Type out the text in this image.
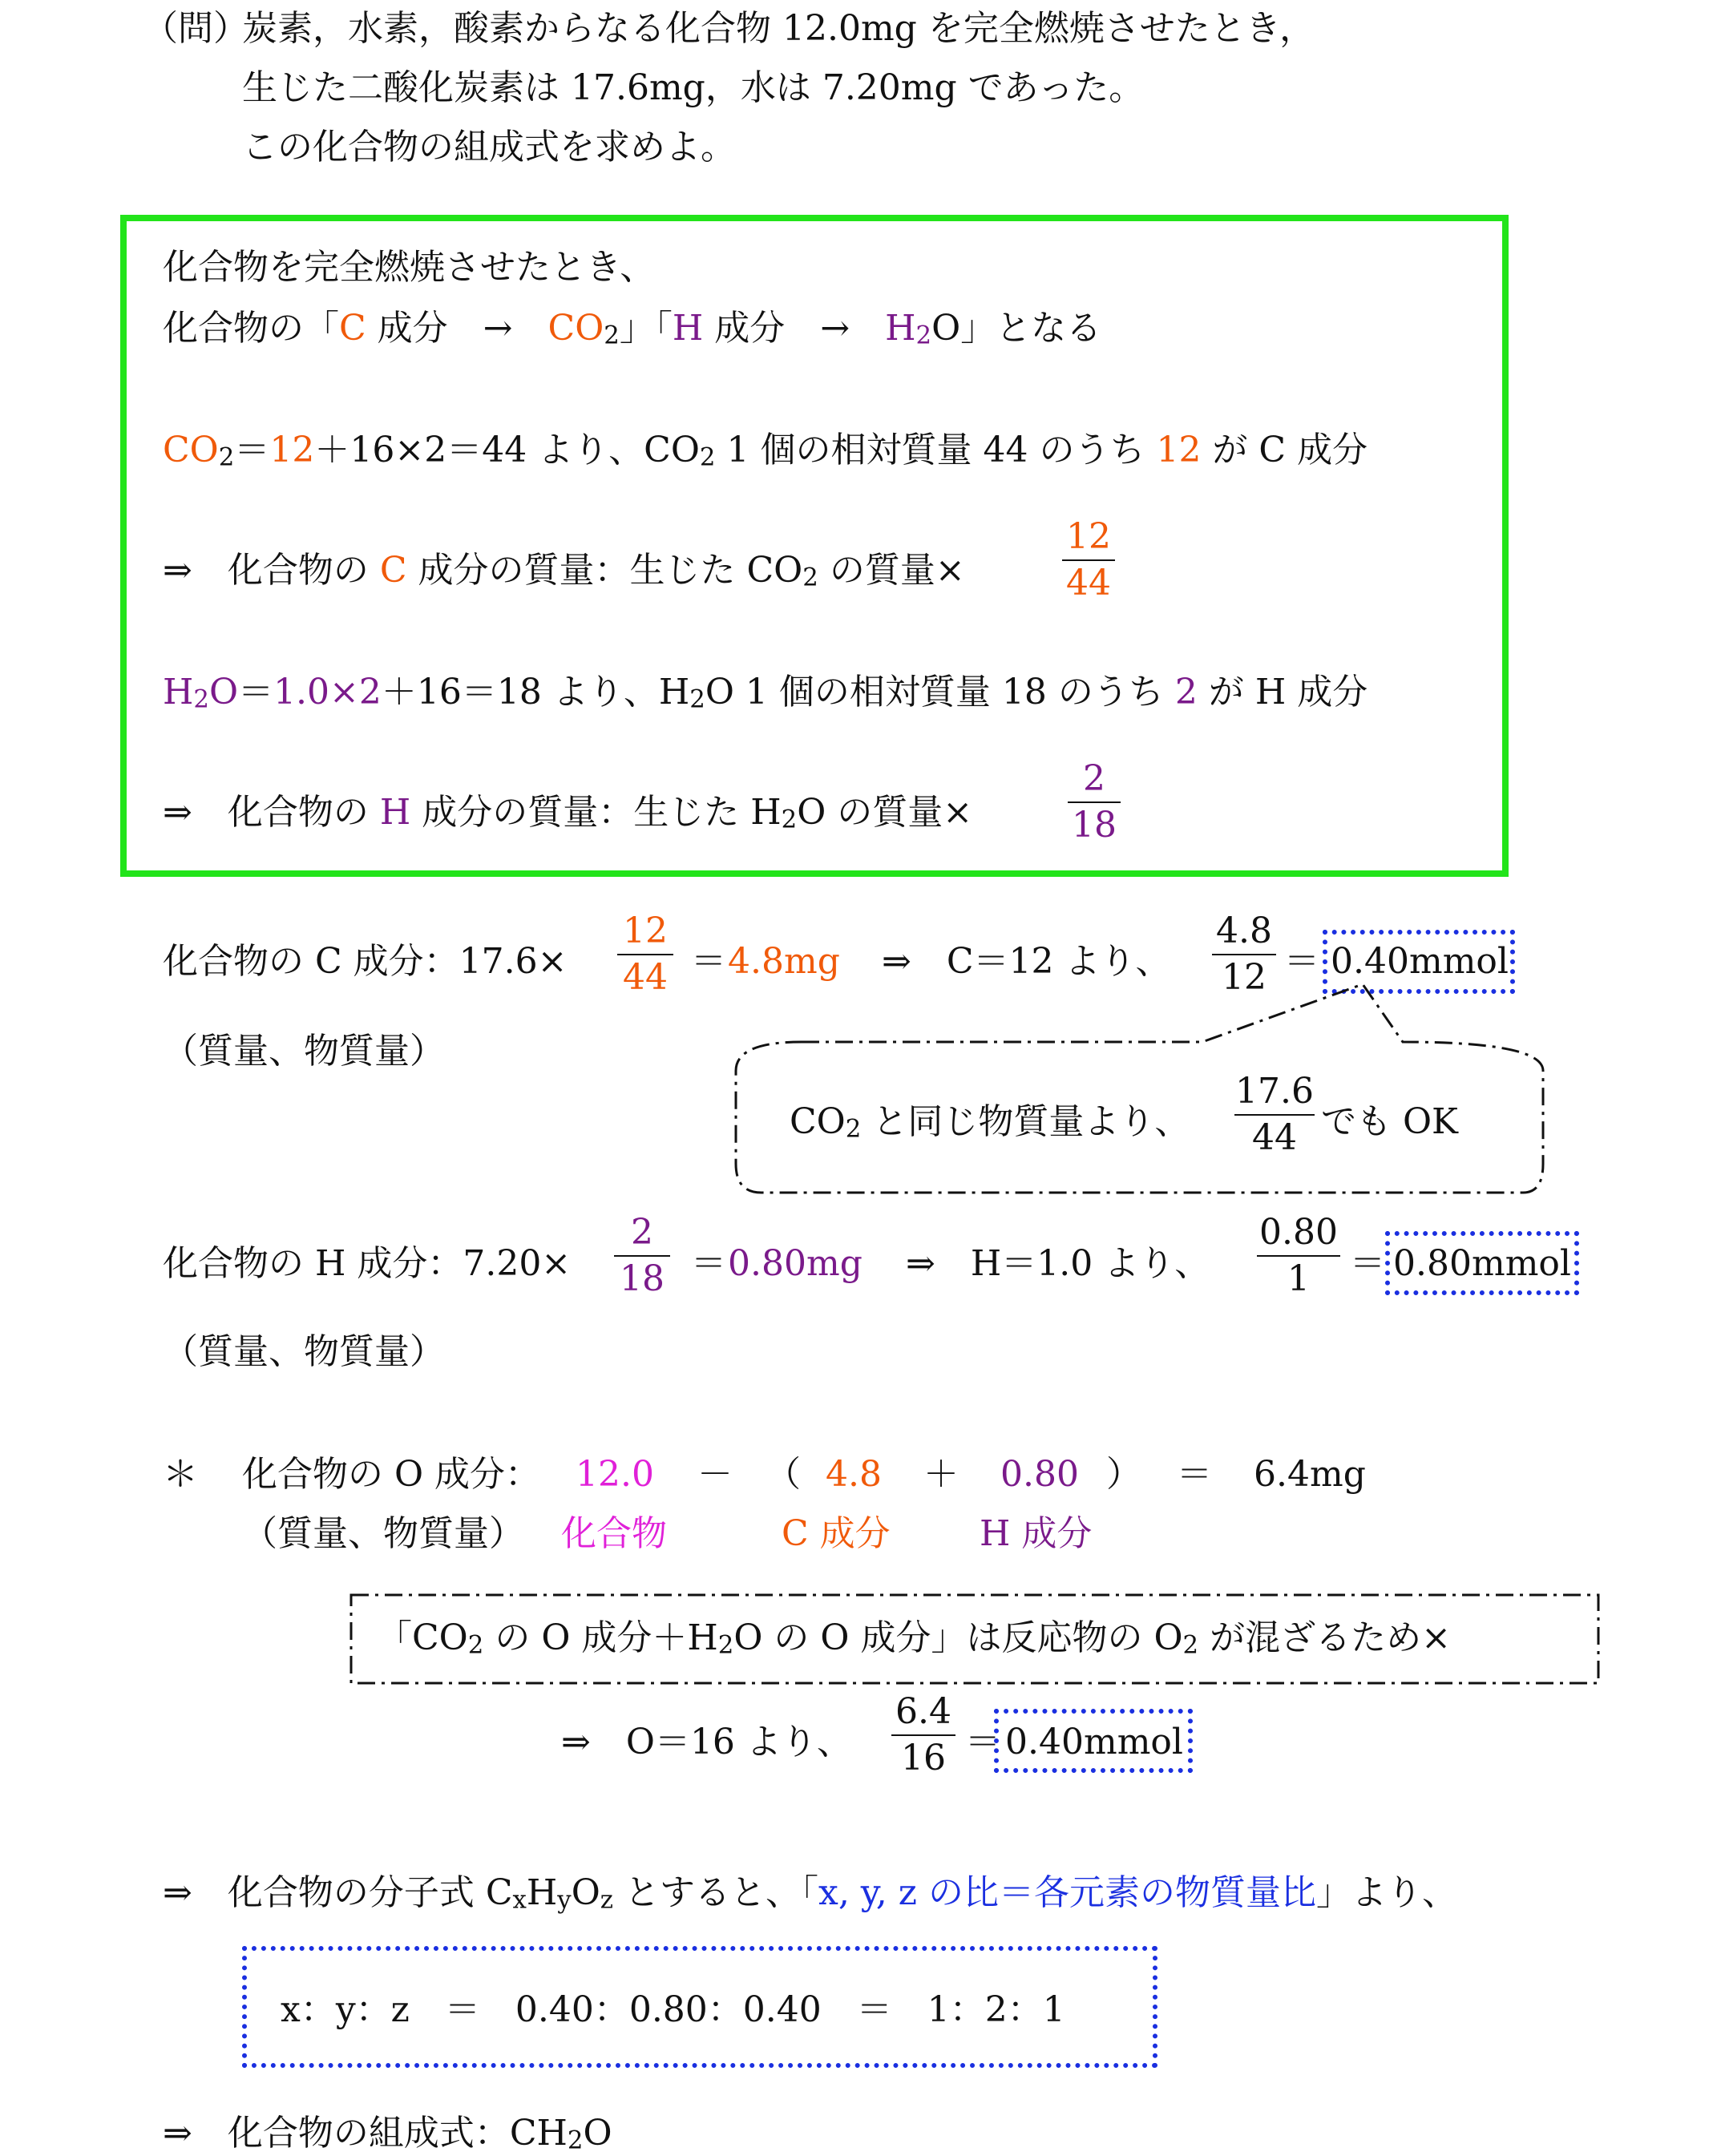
（問）
炭素，水素，酸素からなる化合物 12.0mg を完全燃焼させたとき，
生じた二酸化炭素は 17.6mg，水は 7.20mg であった。
この化合物の組成式を求めよ。
化合物を完全燃焼させたとき、
化合物の「C 成分　→　$CO_2$」「H 成分　→　$H_2O$」となる
$CO_2=12+16\times 2=44$ より、$CO_2$ 1 個の相対質量 44 のうち 12 が C 成分
⇒　化合物の C 成分の質量：生じた $CO_2$ の質量×
12
44
$H_2O=1.0\times 2+16=18$ より、$H_2O$ 1 個の相対質量 18 のうち 2 が H 成分
⇒　化合物の H 成分の質量：生じた $H_2O$ の質量×
2
18
化合物の C 成分：17.6×
12
44 ＝ 4.8mg ⇒　C＝12 より、
4.8
12 ＝ 0.40mmol
（質量、物質量）
$CO_2$ と同じ物質量より、
17.6
44 でも OK
化合物の H 成分：7.20×
2
18 ＝ 0.80mg ⇒　H＝1.0 より、
0.80
1	＝ 0.80mmol
（質量、物質量）
＊ 化合物の O 成分： 12.0 － （ 4.8 ＋ 0.80 ） ＝ 6.4mg
（質量、物質量） 化合物	C 成分	H 成分
「$CO_2$ の O 成分$+H_2O$ の O 成分」は反応物の $O_2$ が混ざるため×
⇒　O＝16 より、
6.4
16 ＝ 0.40mmol
⇒　化合物の分子式 $C_xH_yO_z$ とすると、「x, y, z の比＝各元素の物質量比」より、
x：y：z　＝　0.40：0.80：0.40　＝　1：2：1
⇒　化合物の組成式：$CH_2O$
